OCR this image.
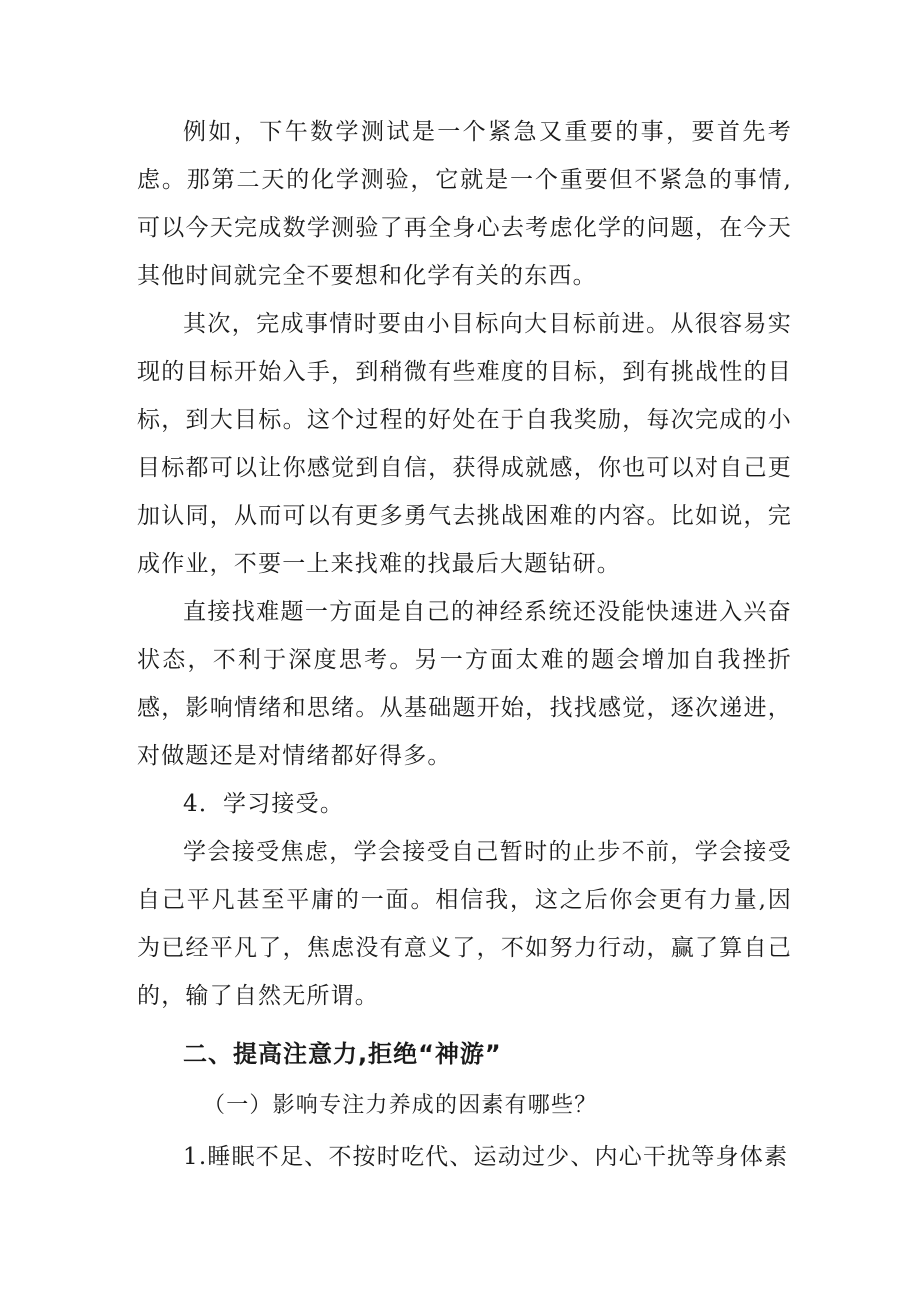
例如，下午数学测试是一个紧急又重要的事，要首先考虑。那第二天的化学测验，它就是一个重要但不紧急的事情,可以今天完成数学测验了再全身心去考虑化学的问题，在今天其他时间就完全不要想和化学有关的东西。

其次，完成事情时要由小目标向大目标前进。从很容易实现的目标开始入手，到稍微有些难度的目标，到有挑战性的目标，到大目标。这个过程的好处在于自我奖励，每次完成的小目标都可以让你感觉到自信，获得成就感，你也可以对自己更加认同，从而可以有更多勇气去挑战困难的内容。比如说，完成作业，不要一上来找难的找最后大题钻研。

直接找难题一方面是自己的神经系统还没能快速进入兴奋状态，不利于深度思考。另一方面太难的题会增加自我挫折感，影响情绪和思绪。从基础题开始，找找感觉，逐次递进，对做题还是对情绪都好得多。

4．学习接受。

学会接受焦虑，学会接受自己暂时的止步不前，学会接受自己平凡甚至平庸的一面。相信我，这之后你会更有力量,因为已经平凡了，焦虑没有意义了，不如努力行动，赢了算自己的，输了自然无所谓。

二、提高注意力,拒绝“神游”

（一）影响专注力养成的因素有哪些？

1.睡眠不足、不按时吃代、运动过少、内心干扰等身体素
